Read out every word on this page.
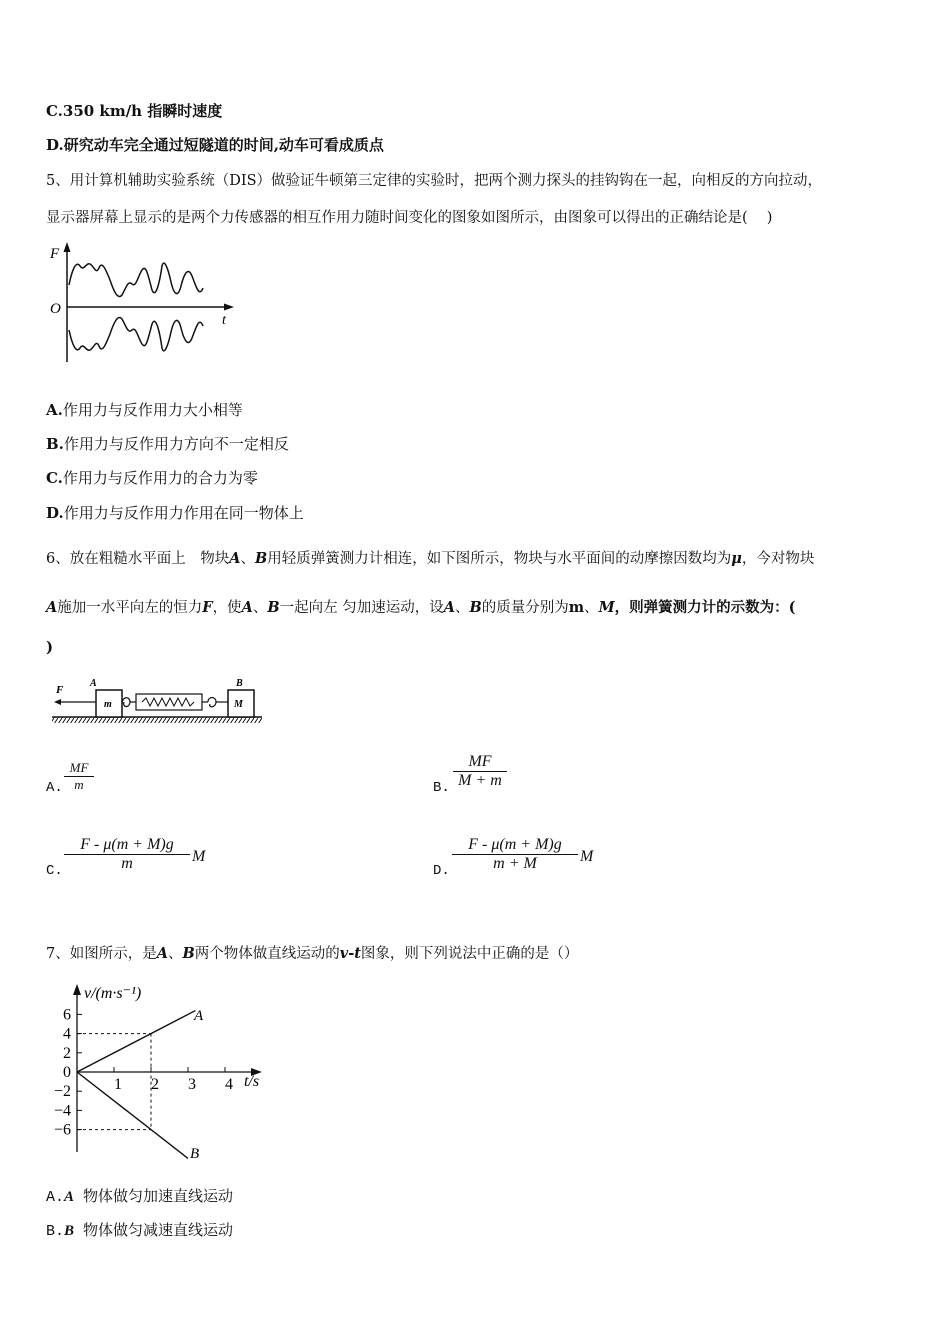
C.350 km/h 指瞬时速度
D.研究动车完全通过短隧道的时间,动车可看成质点
5、用计算机辅助实验系统（DIS）做验证牛顿第三定律的实验时，把两个测力探头的挂钩钩在一起，向相反的方向拉动，
显示器屏幕上显示的是两个力传感器的相互作用力随时间变化的图象如图所示，由图象可以得出的正确结论是(　 )
F
t
O
A.作用力与反作用力大小相等
B.作用力与反作用力方向不一定相反
C.作用力与反作用力的合力为零
D.作用力与反作用力作用在同一物体上
6、放在粗糙水平面上　物块A、B用轻质弹簧测力计相连，如下图所示，物块与水平面间的动摩擦因数均为μ，今对物块
A施加一水平向左的恒力F，使A、B一起向左 匀加速运动，设A、B的质量分别为m、M，则弹簧测力计的示数为：(
)
F
A
m
B
M
A.
MF
m	B.
MF
M + m
C.
F - μ(m + M)g
m	M
D.
F - μ(m + M)g
m + M	M
7、如图所示，是A、B两个物体做直线运动的v-t图象，则下列说法中正确的是（）
6
4
2
0
−2
−4
−6
1 2 3 4
v/(m·s⁻¹)
t/s
A
B
A.A 物体做匀加速直线运动
B.B 物体做匀减速直线运动
